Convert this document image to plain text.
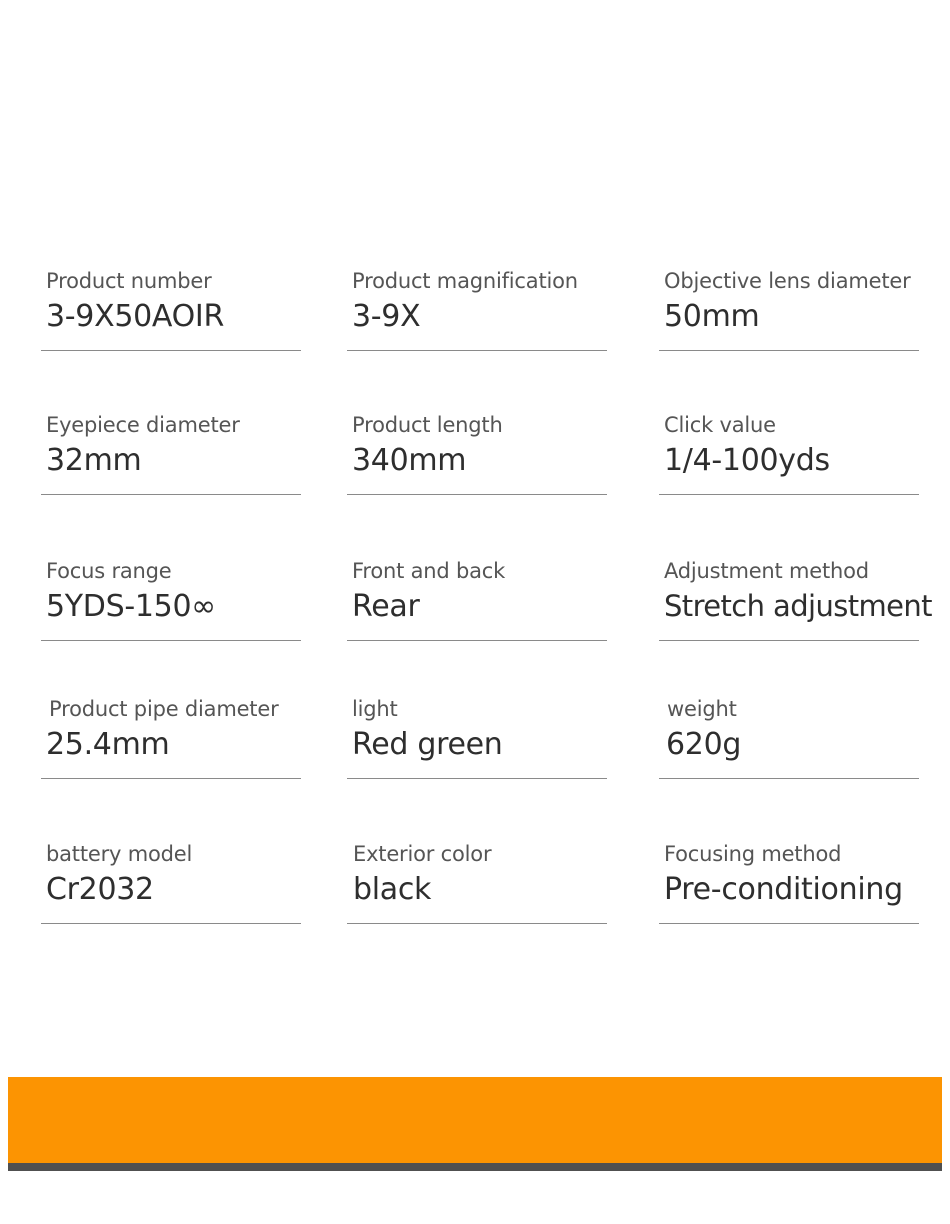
Product number
3-9X50AOIR
Product magnification
3-9X
Objective lens diameter
50mm
Eyepiece diameter
32mm
Product length
340mm
Click value
1/4-100yds
Focus range
5YDS-150∞
Front and back
Rear
Adjustment method
Stretch adjustment
Product pipe diameter
25.4mm
light
Red green
weight
620g
battery model
Cr2032
Exterior color
black
Focusing method
Pre-conditioning
